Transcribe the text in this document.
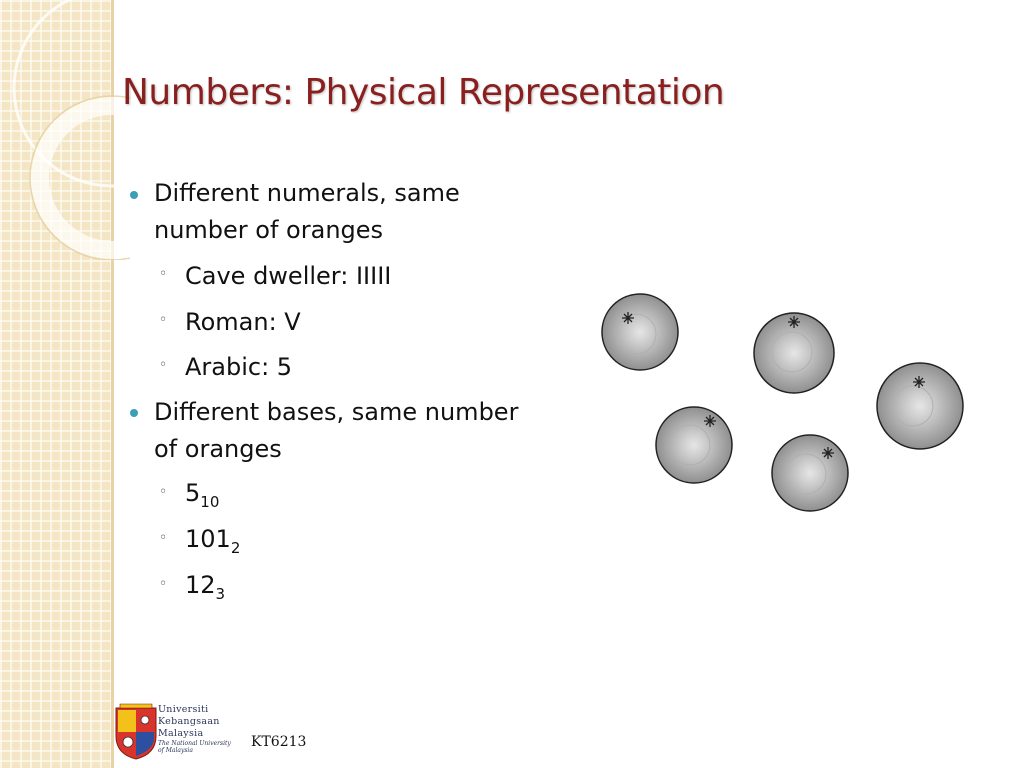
Numbers: Physical Representation
Different numerals, same
number of oranges
◦ Cave dweller: IIIII
◦ Roman: V
◦ Arabic: 5
Different bases, same number
of oranges
◦ $5_{10}$
◦ $101_2$
◦ $12_3$
Universiti
Kebangsaan
Malaysia
The National University
of Malaysia
KT6213
